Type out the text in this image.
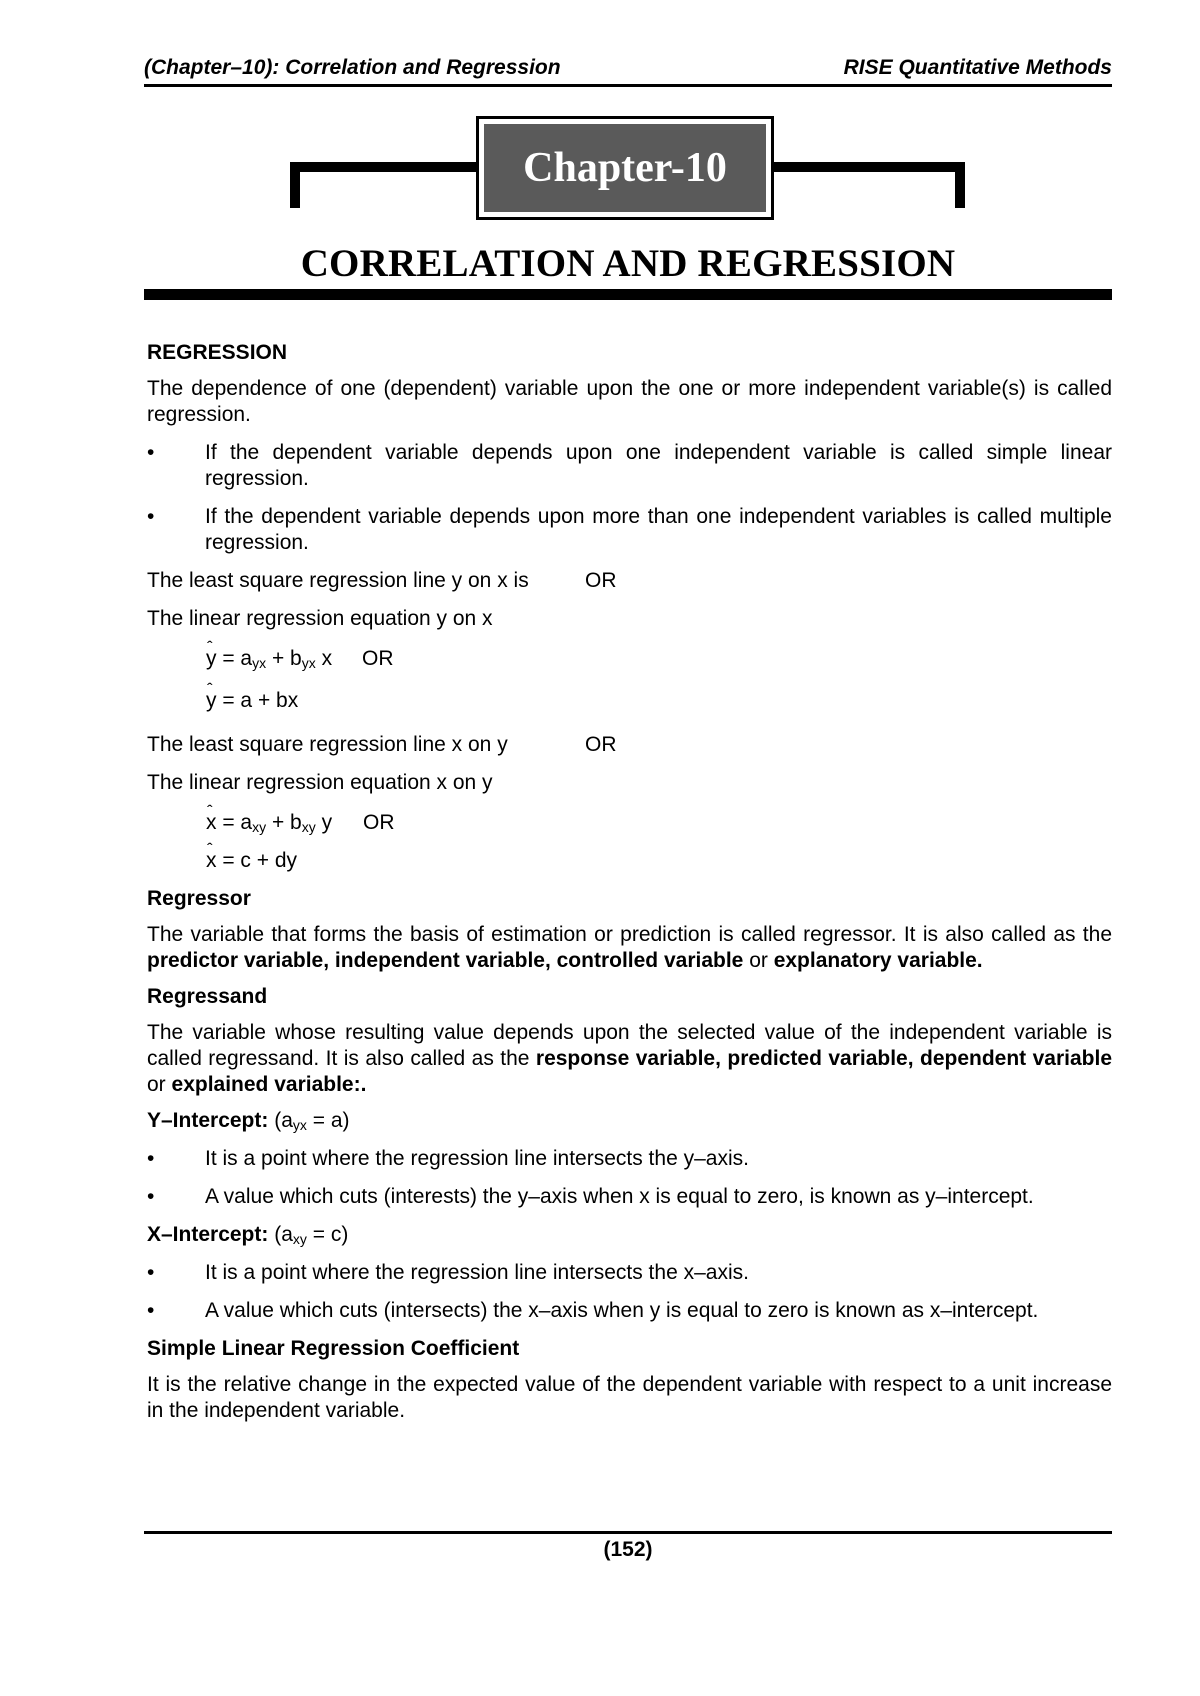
(Chapter–10): Correlation and Regression	RISE Quantitative Methods
Chapter-10
CORRELATION AND REGRESSION

REGRESSION

The dependence of one (dependent) variable upon the one or more independent variable(s) is called regression.

• If the dependent variable depends upon one independent variable is called simple linear regression.
• If the dependent variable depends upon more than one independent variables is called multiple regression.

The least square regression line y on x is	OR

The linear regression equation y on x

ˆ $y = a_{yx} + b_{yx}$ x OR

ˆ y = a + bx

The least square regression line x on y	OR

The linear regression equation x on y

ˆ $x = a_{xy} + b_{xy}$ y OR

ˆ x = c + dy

Regressor

The variable that forms the basis of estimation or prediction is called regressor. It is also called as the predictor variable, independent variable, controlled variable or explanatory variable.

Regressand

The variable whose resulting value depends upon the selected value of the independent variable is called regressand. It is also called as the response variable, predicted variable, dependent variable or explained variable:.

Y–Intercept: $(a_{yx} = a)$

• It is a point where the regression line intersects the y–axis.
• A value which cuts (interests) the y–axis when x is equal to zero, is known as y–intercept.

X–Intercept: $(a_{xy} = c)$

• It is a point where the regression line intersects the x–axis.
• A value which cuts (intersects) the x–axis when y is equal to zero is known as x–intercept.

Simple Linear Regression Coefficient

It is the relative change in the expected value of the dependent variable with respect to a unit increase in the independent variable.

(152)
